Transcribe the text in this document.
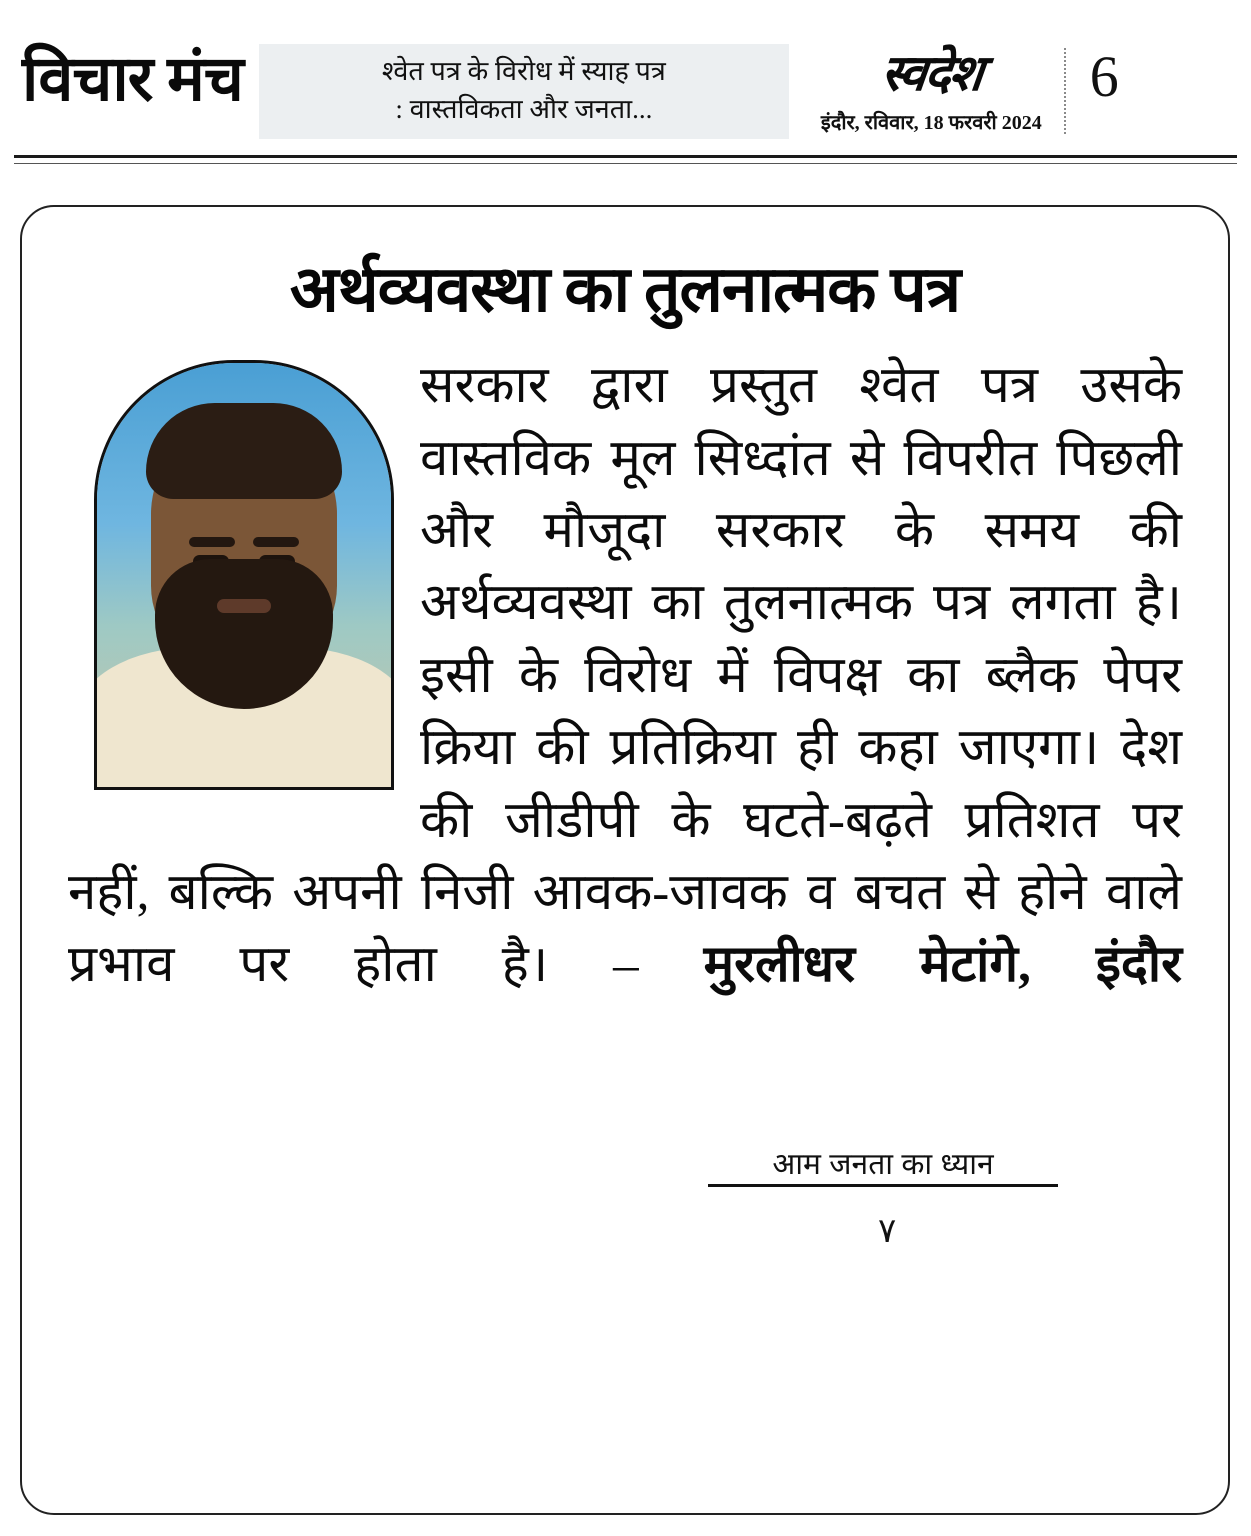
विचार मंच	श्वेत पत्र के विरोध में स्याह पत्र
: वास्तविकता और जनता...
स्वदेश
इंदौर, रविवार, 18 फरवरी 2024
6
अर्थव्यवस्था का तुलनात्मक पत्र
सरकार द्वारा प्रस्तुत श्वेत पत्र उसके वास्तविक मूल सिध्दांत से विपरीत पिछली और मौजूदा सरकार के समय की अर्थव्यवस्था का तुलनात्मक पत्र लगता है। इसी के विरोध में विपक्ष का ब्लैक पेपर क्रिया की प्रतिक्रिया ही कहा जाएगा। देश की जीडीपी के घटते-बढ़ते प्रतिशत पर नहीं, बल्कि अपनी निजी आवक-जावक व बचत से होने वाले प्रभाव पर होता है। – मुरलीधर मेटांगे, इंदौर
आम जनता का ध्यान
٧
